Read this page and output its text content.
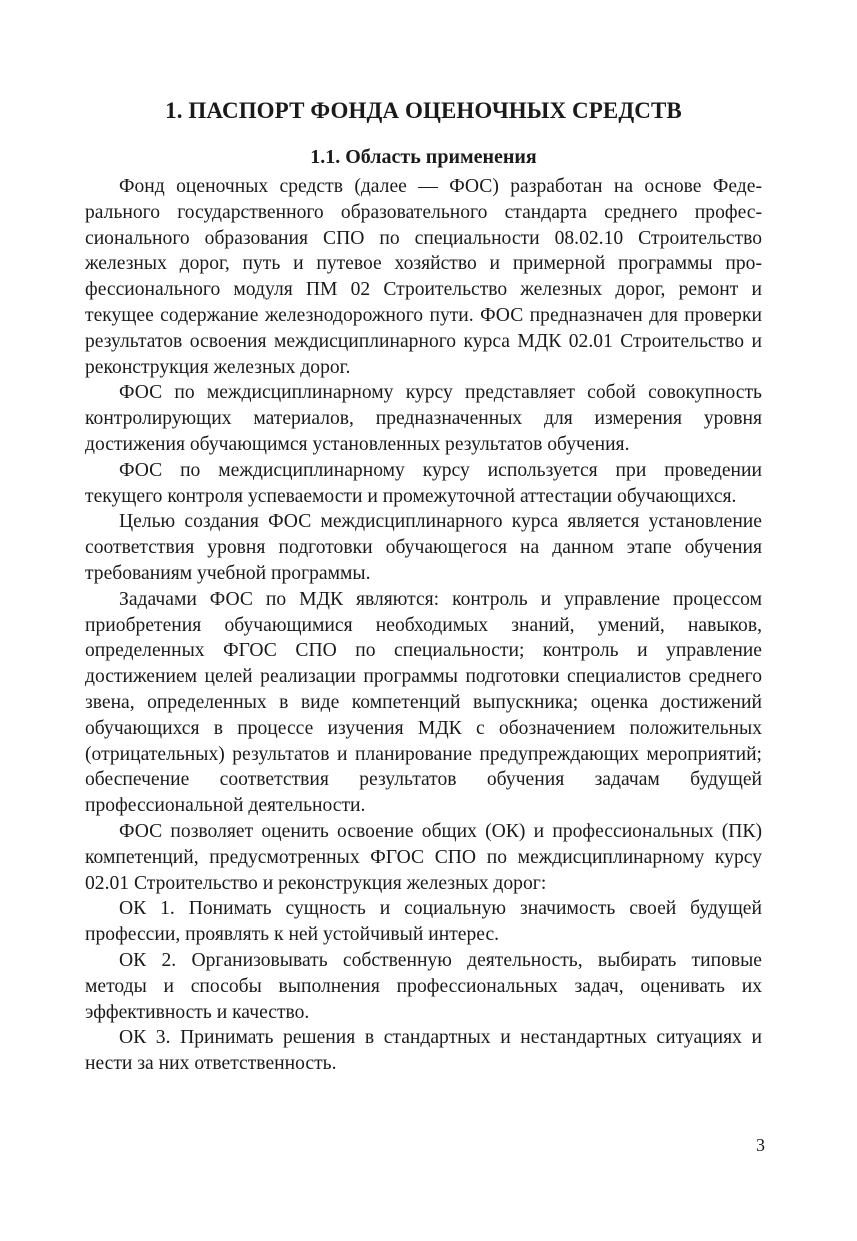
1. ПАСПОРТ ФОНДА ОЦЕНОЧНЫХ СРЕДСТВ
1.1. Область применения

Фонд оценочных средств (далее — ФОС) разработан на основе Федерального государственного образовательного стандарта среднего профессионального образования СПО по специальности 08.02.10 Строительство железных дорог, путь и путевое хозяйство и примерной программы профессионального модуля ПМ 02 Строительство железных дорог, ремонт и текущее содержание железнодорожного пути. ФОС предназначен для проверки результатов освоения междисциплинарного курса МДК 02.01 Строительство и реконструкция железных дорог.

ФОС по междисциплинарному курсу представляет собой совокупность контролирующих материалов, предназначенных для измерения уровня достижения обучающимся установленных результатов обучения.

ФОС по междисциплинарному курсу используется при проведении текущего контроля успеваемости и промежуточной аттестации обучающихся.

Целью создания ФОС междисциплинарного курса является установление соответствия уровня подготовки обучающегося на данном этапе обучения требованиям учебной программы.

Задачами ФОС по МДК являются: контроль и управление процессом приобретения обучающимися необходимых знаний, умений, навыков, определенных ФГОС СПО по специальности; контроль и управление достижением целей реализации программы подготовки специалистов среднего звена, определенных в виде компетенций выпускника; оценка достижений обучающихся в процессе изучения МДК с обозначением положительных (отрицательных) результатов и планирование предупреждающих мероприятий; обеспечение соответствия результатов обучения задачам будущей профессиональной деятельности.

ФОС позволяет оценить освоение общих (ОК) и профессиональных (ПК) компетенций, предусмотренных ФГОС СПО по междисциплинарному курсу 02.01 Строительство и реконструкция железных дорог:

ОК 1. Понимать сущность и социальную значимость своей будущей профессии, проявлять к ней устойчивый интерес.

ОК 2. Организовывать собственную деятельность, выбирать типовые методы и способы выполнения профессиональных задач, оценивать их эффективность и качество.

ОК 3. Принимать решения в стандартных и нестандартных ситуациях и нести за них ответственность.

3
